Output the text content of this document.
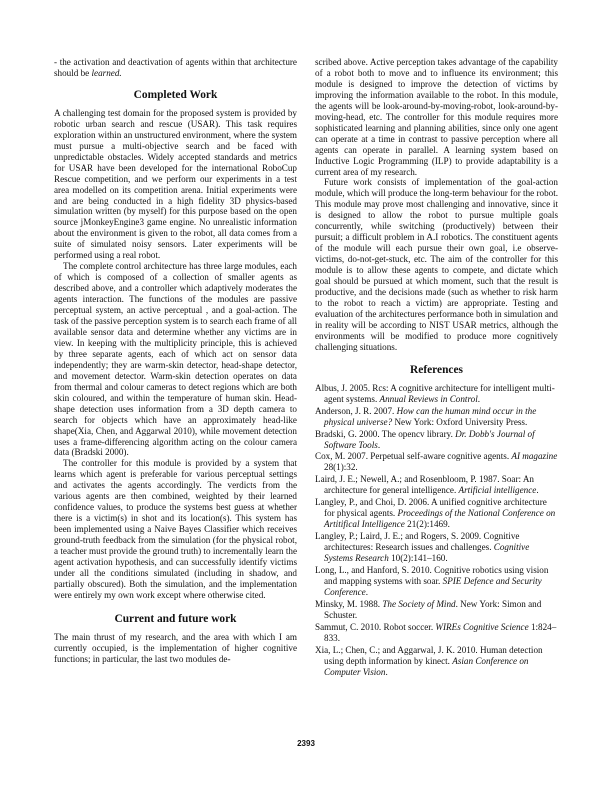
- the activation and deactivation of agents within that architecture should be learned.

Completed Work

A challenging test domain for the proposed system is provided by robotic urban search and rescue (USAR). This task requires exploration within an unstructured environment, where the system must pursue a multi-objective search and be faced with unpredictable obstacles. Widely accepted standards and metrics for USAR have been developed for the international RoboCup Rescue competition, and we perform our experiments in a test area modelled on its competition arena. Initial experiments were and are being conducted in a high fidelity 3D physics-based simulation written (by myself) for this purpose based on the open source jMonkeyEngine3 game engine. No unrealistic information about the environment is given to the robot, all data comes from a suite of simulated noisy sensors. Later experiments will be performed using a real robot.

The complete control architecture has three large modules, each of which is composed of a collection of smaller agents as described above, and a controller which adaptively moderates the agents interaction. The functions of the modules are passive perceptual system, an active perceptual , and a goal-action. The task of the passive perception system is to search each frame of all available sensor data and determine whether any victims are in view. In keeping with the multiplicity principle, this is achieved by three separate agents, each of which act on sensor data independently; they are warm-skin detector, head-shape detector, and movement detector. Warm-skin detection operates on data from thermal and colour cameras to detect regions which are both skin coloured, and within the temperature of human skin. Head-shape detection uses information from a 3D depth camera to search for objects which have an approximately head-like shape(Xia, Chen, and Aggarwal 2010), while movement detection uses a frame-differencing algorithm acting on the colour camera data (Bradski 2000).

The controller for this module is provided by a system that learns which agent is preferable for various perceptual settings and activates the agents accordingly. The verdicts from the various agents are then combined, weighted by their learned confidence values, to produce the systems best guess at whether there is a victim(s) in shot and its location(s). This system has been implemented using a Naive Bayes Classifier which receives ground-truth feedback from the simulation (for the physical robot, a teacher must provide the ground truth) to incrementally learn the agent activation hypothesis, and can successfully identify victims under all the conditions simulated (including in shadow, and partially obscured). Both the simulation, and the implementation were entirely my own work except where otherwise cited.

Current and future work

The main thrust of my research, and the area with which I am currently occupied, is the implementation of higher cognitive functions; in particular, the last two modules de-

scribed above. Active perception takes advantage of the capability of a robot both to move and to influence its environment; this module is designed to improve the detection of victims by improving the information available to the robot. In this module, the agents will be look-around-by-moving-robot, look-around-by-moving-head, etc. The controller for this module requires more sophisticated learning and planning abilities, since only one agent can operate at a time in contrast to passive perception where all agents can operate in parallel. A learning system based on Inductive Logic Programming (ILP) to provide adaptability is a current area of my research.

Future work consists of implementation of the goal-action module, which will produce the long-term behaviour for the robot. This module may prove most challenging and innovative, since it is designed to allow the robot to pursue multiple goals concurrently, while switching (productively) between their pursuit; a difficult problem in A.I robotics. The constituent agents of the module will each pursue their own goal, i.e observe-victims, do-not-get-stuck, etc. The aim of the controller for this module is to allow these agents to compete, and dictate which goal should be pursued at which moment, such that the result is productive, and the decisions made (such as whether to risk harm to the robot to reach a victim) are appropriate. Testing and evaluation of the architectures performance both in simulation and in reality will be according to NIST USAR metrics, although the environments will be modified to produce more cognitively challenging situations.

References

Albus, J. 2005. Rcs: A cognitive architecture for intelligent multi-agent systems. Annual Reviews in Control.

Anderson, J. R. 2007. How can the human mind occur in the physical universe? New York: Oxford University Press.

Bradski, G. 2000. The opencv library. Dr. Dobb's Journal of Software Tools.

Cox, M. 2007. Perpetual self-aware cognitive agents. AI magazine 28(1):32.

Laird, J. E.; Newell, A.; and Rosenbloom, P. 1987. Soar: An architecture for general intelligence. Artificial intelligence.

Langley, P., and Choi, D. 2006. A unified cognitive architecture for physical agents. Proceedings of the National Conference on Artitifical Intelligence 21(2):1469.

Langley, P.; Laird, J. E.; and Rogers, S. 2009. Cognitive architectures: Research issues and challenges. Cognitive Systems Research 10(2):141–160.

Long, L., and Hanford, S. 2010. Cognitive robotics using vision and mapping systems with soar. SPIE Defence and Security Conference.

Minsky, M. 1988. The Society of Mind. New York: Simon and Schuster.

Sammut, C. 2010. Robot soccer. WIREs Cognitive Science 1:824–833.

Xia, L.; Chen, C.; and Aggarwal, J. K. 2010. Human detection using depth information by kinect. Asian Conference on Computer Vision.

2393
